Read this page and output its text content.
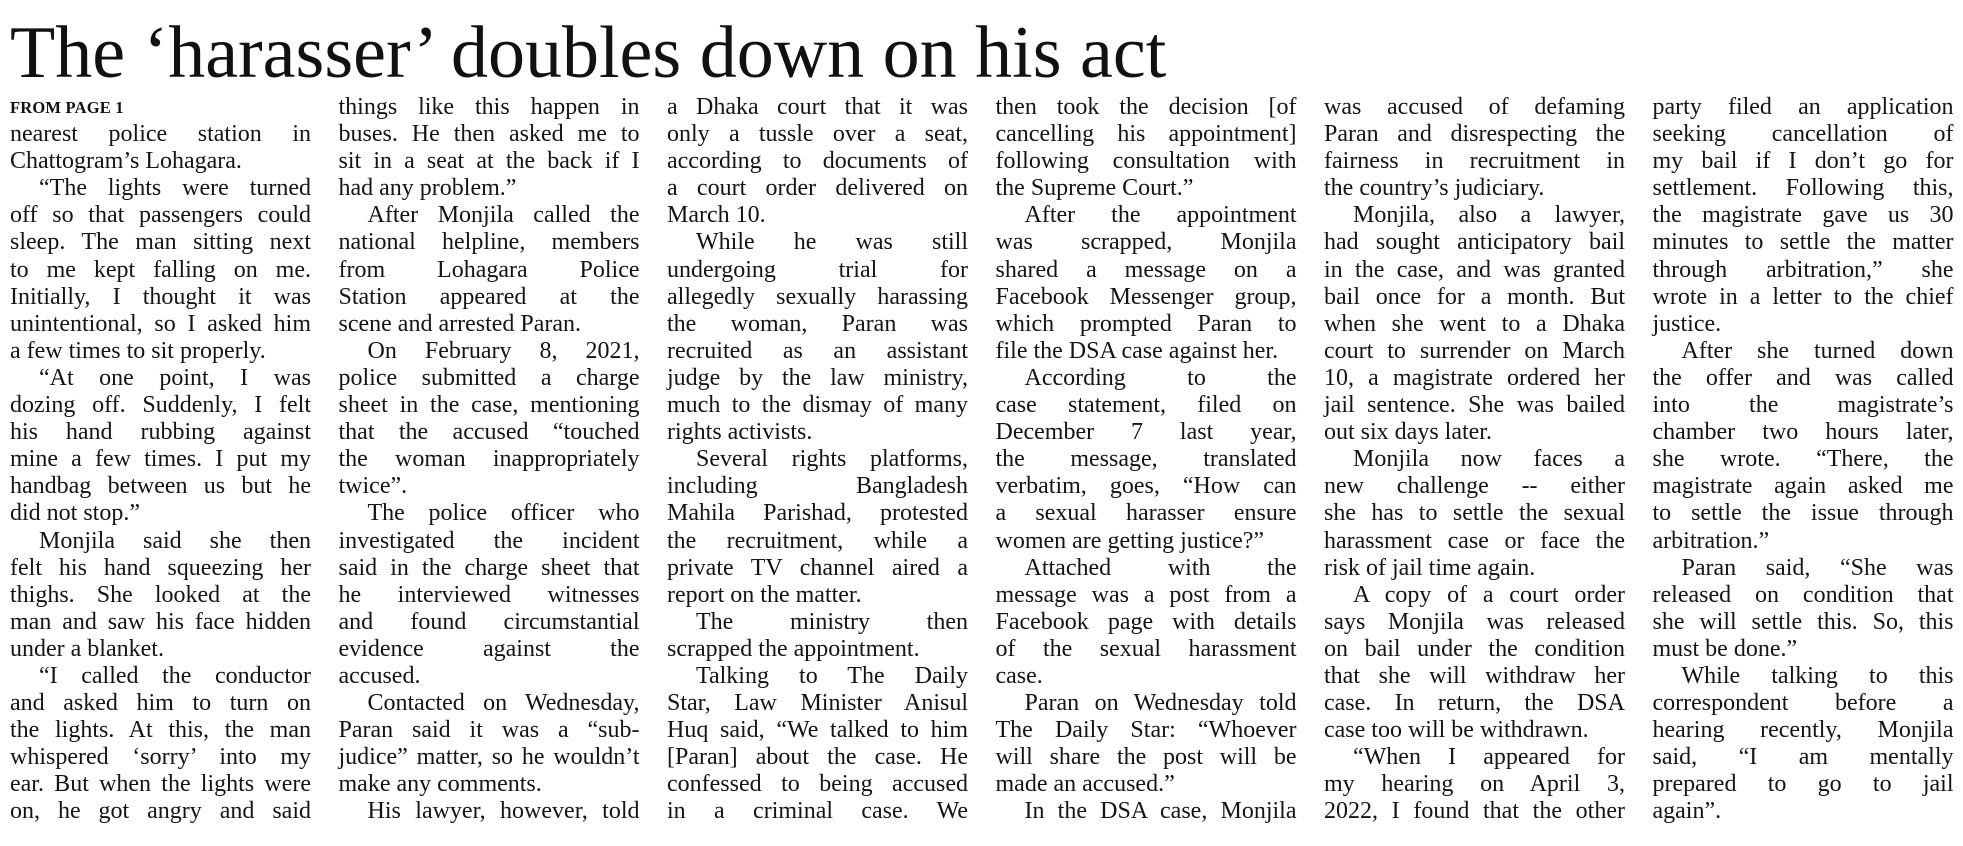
The ‘harasser’ doubles down on his act
FROM PAGE 1
nearest police station in
Chattogram’s Lohagara.
“The lights were turned
off so that passengers could
sleep. The man sitting next
to me kept falling on me.
Initially, I thought it was
unintentional, so I asked him
a few times to sit properly.
“At one point, I was
dozing off. Suddenly, I felt
his hand rubbing against
mine a few times. I put my
handbag between us but he
did not stop.”
Monjila said she then
felt his hand squeezing her
thighs. She looked at the
man and saw his face hidden
under a blanket.
“I called the conductor
and asked him to turn on
the lights. At this, the man
whispered ‘sorry’ into my
ear. But when the lights were
on, he got angry and said
things like this happen in
buses. He then asked me to
sit in a seat at the back if I
had any problem.”
After Monjila called the
national helpline, members
from Lohagara Police
Station appeared at the
scene and arrested Paran.
On February 8, 2021,
police submitted a charge
sheet in the case, mentioning
that the accused “touched
the woman inappropriately
twice”.
The police officer who
investigated the incident
said in the charge sheet that
he interviewed witnesses
and found circumstantial
evidence against the
accused.
Contacted on Wednesday,
Paran said it was a “sub-
judice” matter, so he wouldn’t
make any comments.
His lawyer, however, told
a Dhaka court that it was
only a tussle over a seat,
according to documents of
a court order delivered on
March 10.
While he was still
undergoing trial for
allegedly sexually harassing
the woman, Paran was
recruited as an assistant
judge by the law ministry,
much to the dismay of many
rights activists.
Several rights platforms,
including Bangladesh
Mahila Parishad, protested
the recruitment, while a
private TV channel aired a
report on the matter.
The ministry then
scrapped the appointment.
Talking to The Daily
Star, Law Minister Anisul
Huq said, “We talked to him
[Paran] about the case. He
confessed to being accused
in a criminal case. We
then took the decision [of
cancelling his appointment]
following consultation with
the Supreme Court.”
After the appointment
was scrapped, Monjila
shared a message on a
Facebook Messenger group,
which prompted Paran to
file the DSA case against her.
According to the
case statement, filed on
December 7 last year,
the message, translated
verbatim, goes, “How can
a sexual harasser ensure
women are getting justice?”
Attached with the
message was a post from a
Facebook page with details
of the sexual harassment
case.
Paran on Wednesday told
The Daily Star: “Whoever
will share the post will be
made an accused.”
In the DSA case, Monjila
was accused of defaming
Paran and disrespecting the
fairness in recruitment in
the country’s judiciary.
Monjila, also a lawyer,
had sought anticipatory bail
in the case, and was granted
bail once for a month. But
when she went to a Dhaka
court to surrender on March
10, a magistrate ordered her
jail sentence. She was bailed
out six days later.
Monjila now faces a
new challenge -- either
she has to settle the sexual
harassment case or face the
risk of jail time again.
A copy of a court order
says Monjila was released
on bail under the condition
that she will withdraw her
case. In return, the DSA
case too will be withdrawn.
“When I appeared for
my hearing on April 3,
2022, I found that the other
party filed an application
seeking cancellation of
my bail if I don’t go for
settlement. Following this,
the magistrate gave us 30
minutes to settle the matter
through arbitration,” she
wrote in a letter to the chief
justice.
After she turned down
the offer and was called
into the magistrate’s
chamber two hours later,
she wrote. “There, the
magistrate again asked me
to settle the issue through
arbitration.”
Paran said, “She was
released on condition that
she will settle this. So, this
must be done.”
While talking to this
correspondent before a
hearing recently, Monjila
said, “I am mentally
prepared to go to jail
again”.
